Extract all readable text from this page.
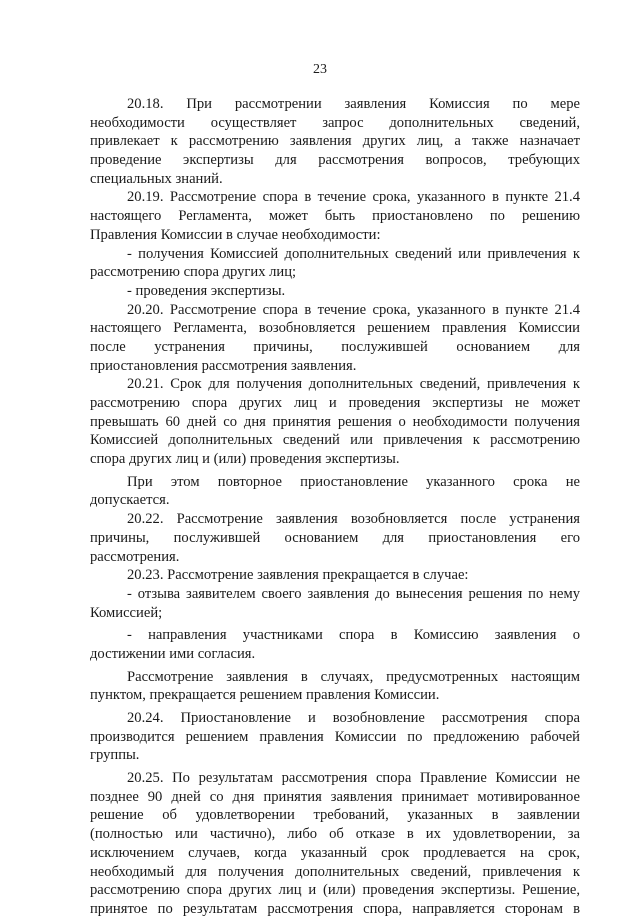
23
20.18. При рассмотрении заявления Комиссия по мере
необходимости осуществляет запрос дополнительных сведений,
привлекает к рассмотрению заявления других лиц, а также назначает
проведение экспертизы для рассмотрения вопросов, требующих
специальных знаний.
20.19. Рассмотрение спора в течение срока, указанного в пункте 21.4
настоящего Регламента, может быть приостановлено по решению
Правления Комиссии в случае необходимости:
- получения Комиссией дополнительных сведений или привлечения к
рассмотрению спора других лиц;
- проведения экспертизы.
20.20. Рассмотрение спора в течение срока, указанного в пункте 21.4
настоящего Регламента, возобновляется решением правления Комиссии
после устранения причины, послужившей основанием для
приостановления рассмотрения заявления.
20.21. Срок для получения дополнительных сведений, привлечения к
рассмотрению спора других лиц и проведения экспертизы не может
превышать 60 дней со дня принятия решения о необходимости получения
Комиссией дополнительных сведений или привлечения к рассмотрению
спора других лиц и (или) проведения экспертизы.
При этом повторное приостановление указанного срока не
допускается.
20.22. Рассмотрение заявления возобновляется после устранения
причины, послужившей основанием для приостановления его
рассмотрения.
20.23. Рассмотрение заявления прекращается в случае:
- отзыва заявителем своего заявления до вынесения решения по нему
Комиссией;
- направления участниками спора в Комиссию заявления о
достижении ими согласия.
Рассмотрение заявления в случаях, предусмотренных настоящим
пунктом, прекращается решением правления Комиссии.
20.24. Приостановление и возобновление рассмотрения спора
производится решением правления Комиссии по предложению рабочей
группы.
20.25. По результатам рассмотрения спора Правление Комиссии не
позднее 90 дней со дня принятия заявления принимает мотивированное
решение об удовлетворении требований, указанных в заявлении
(полностью или частично), либо об отказе в их удовлетворении, за
исключением случаев, когда указанный срок продлевается на срок,
необходимый для получения дополнительных сведений, привлечения к
рассмотрению спора других лиц и (или) проведения экспертизы. Решение,
принятое по результатам рассмотрения спора, направляется сторонам в
